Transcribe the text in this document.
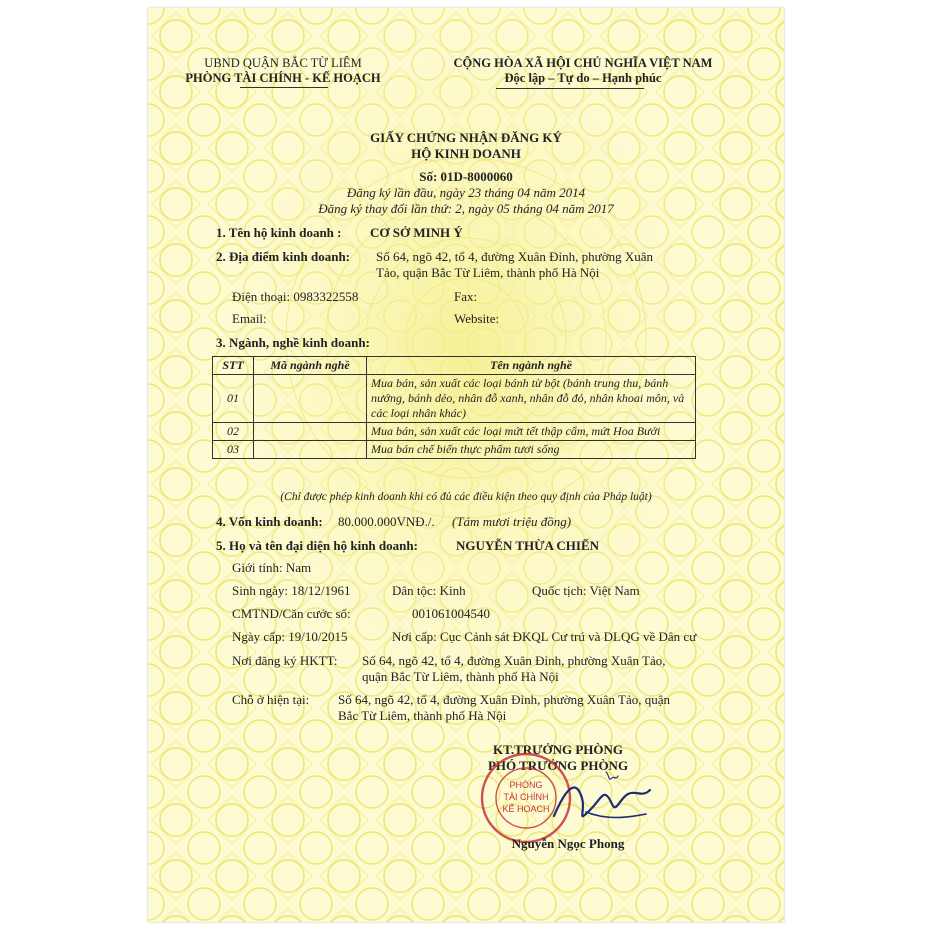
UBND QUẬN BẮC TỪ LIÊM
PHÒNG TÀI CHÍNH - KẾ HOẠCH
CỘNG HÒA XÃ HỘI CHỦ NGHĨA VIỆT NAM
Độc lập – Tự do – Hạnh phúc
GIẤY CHỨNG NHẬN ĐĂNG KÝ
HỘ KINH DOANH
Số: 01D-8000060
Đăng ký lần đầu, ngày 23 tháng 04 năm 2014
Đăng ký thay đổi lần thứ: 2, ngày 05 tháng 04 năm 2017
1. Tên hộ kinh doanh : CƠ SỞ MINH Ý
2. Địa điểm kinh doanh: Số 64, ngõ 42, tổ 4, đường Xuân Đỉnh, phường Xuân
Tảo, quận Bắc Từ Liêm, thành phố Hà Nội
Điện thoại: 0983322558	Fax:
Email:	Website:
3. Ngành, nghề kinh doanh:
STT	Mã ngành nghề	Tên ngành nghề
01		Mua bán, sản xuất các loại bánh từ bột (bánh trung thu, bánh nướng, bánh dẻo, nhân đỗ xanh, nhân đỗ đỏ, nhân khoai môn, và các loại nhân khác)
02		Mua bán, sản xuất các loại mứt tết thập cẩm, mứt Hoa Bưởi
03		Mua bán chế biến thực phẩm tươi sống
(Chỉ được phép kinh doanh khi có đủ các điều kiện theo quy định của Pháp luật)
4. Vốn kinh doanh: 80.000.000VNĐ./. (Tám mươi triệu đồng)
5. Họ và tên đại diện hộ kinh doanh:	NGUYỄN THỪA CHIẾN
Giới tính: Nam
Sinh ngày: 18/12/1961	Dân tộc: Kinh	Quốc tịch: Việt Nam
CMTND/Căn cước số:	001061004540
Ngày cấp: 19/10/2015	Nơi cấp: Cục Cảnh sát ĐKQL Cư trú và DLQG về Dân cư
Nơi đăng ký HKTT: Số 64, ngõ 42, tổ 4, đường Xuân Đỉnh, phường Xuân Tảo,
quận Bắc Từ Liêm, thành phố Hà Nội
Chỗ ở hiện tại: Số 64, ngõ 42, tổ 4, đường Xuân Đỉnh, phường Xuân Tảo, quận
Bắc Từ Liêm, thành phố Hà Nội
KT.TRƯỞNG PHÒNG
PHÓ TRƯỞNG PHÒNG
PHÒNG
TÀI CHÍNH
KẾ HOẠCH
Nguyễn Ngọc Phong
